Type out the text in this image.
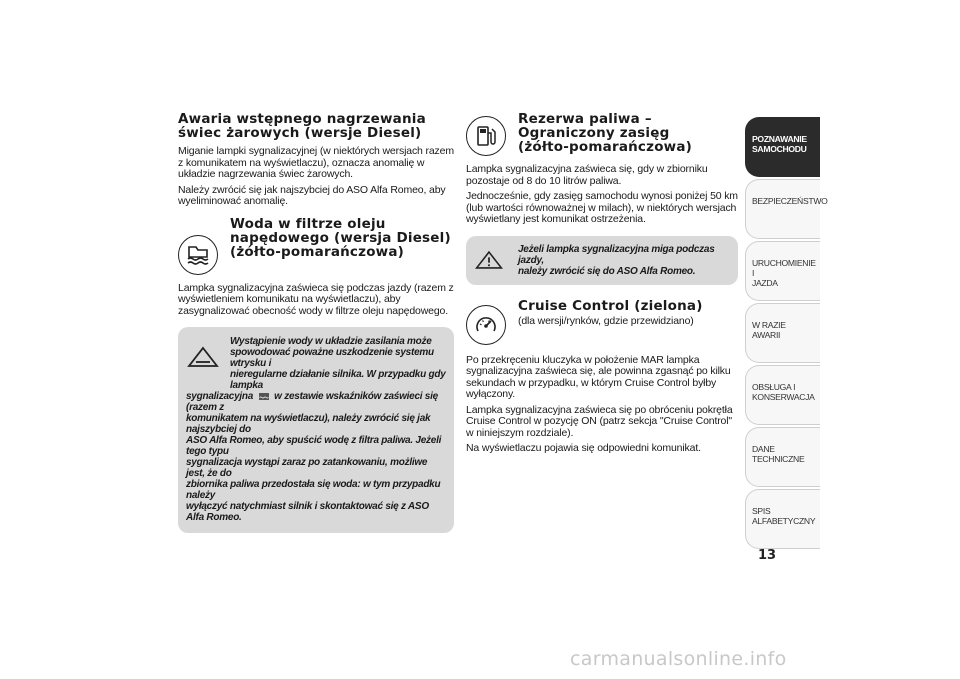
Awaria wstępnego nagrzewania
świec żarowych (wersje Diesel)

Miganie lampki sygnalizacyjnej (w niektórych wersjach razem z komunikatem na wyświetlaczu), oznacza anomalię w układzie nagrzewania świec żarowych.

Należy zwrócić się jak najszybciej do ASO Alfa Romeo, aby wyeliminować anomalię.

Woda w filtrze oleju
napędowego (wersja Diesel)
(żółto-pomarańczowa)

Lampka sygnalizacyjna zaświeca się podczas jazdy (razem z wyświetleniem komunikatu na wyświetlaczu), aby zasygnalizować obecność wody w filtrze oleju napędowego.

Wystąpienie wody w układzie zasilania może

spowodować poważne uszkodzenie systemu wtrysku i

nieregularne działanie silnika. W przypadku gdy lampka

sygnalizacyjna w zestawie wskaźników zaświeci się (razem z

komunikatem na wyświetlaczu), należy zwrócić się jak najszybciej do

ASO Alfa Romeo, aby spuścić wodę z filtra paliwa. Jeżeli tego typu

sygnalizacja wystąpi zaraz po zatankowaniu, możliwe jest, że do

zbiornika paliwa przedostała się woda: w tym przypadku należy

wyłączyć natychmiast silnik i skontaktować się z ASO Alfa Romeo.

Rezerwa paliwa –
Ograniczony zasięg
(żółto-pomarańczowa)

Lampka sygnalizacyjna zaświeca się, gdy w zbiorniku pozostaje od 8 do 10 litrów paliwa.

Jednocześnie, gdy zasięg samochodu wynosi poniżej 50 km (lub wartości równoważnej w milach), w niektórych wersjach wyświetlany jest komunikat ostrzeżenia.

Jeżeli lampka sygnalizacyjna miga podczas jazdy,

należy zwrócić się do ASO Alfa Romeo.

Cruise Control (zielona)

(dla wersji/rynków, gdzie przewidziano)

Po przekręceniu kluczyka w położenie MAR lampka sygnalizacyjna zaświeca się, ale powinna zgasnąć po kilku sekundach w przypadku, w którym Cruise Control byłby wyłączony.

Lampka sygnalizacyjna zaświeca się po obróceniu pokrętła Cruise Control w pozycję ON (patrz sekcja "Cruise Control" w niniejszym rozdziale).

Na wyświetlaczu pojawia się odpowiedni komunikat.

POZNAWANIE
SAMOCHODU
BEZPIECZEŃSTWO
URUCHOMIENIE I
JAZDA
W RAZIE AWARII
OBSŁUGA I
KONSERWACJA
DANE TECHNICZNE
SPIS ALFABETYCZNY
13
carmanualsonline.info
